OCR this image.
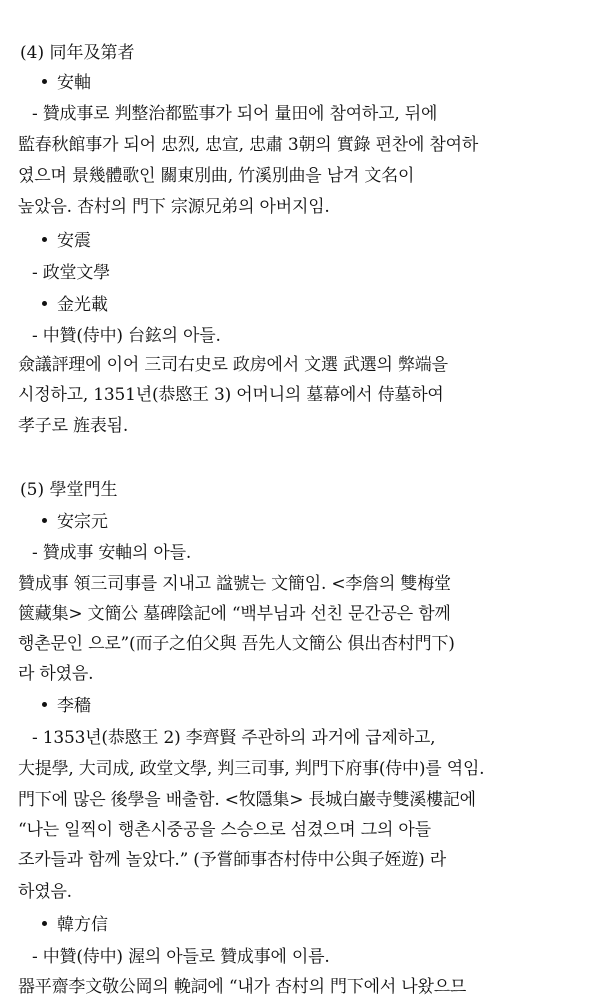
(4) 同年及第者
安軸
- 贊成事로 判整治都監事가 되어 量田에 참여하고, 뒤에
監春秋館事가 되어 忠烈, 忠宣, 忠肅 3朝의 實錄 편찬에 참여하
였으며 景幾體歌인 關東別曲, 竹溪別曲을 남겨 文名이
높았음. 杏村의 門下 宗源兄弟의 아버지임.
安震
- 政堂文學
金光載
- 中贊(侍中) 台鉉의 아들.
僉議評理에 이어 三司右史로 政房에서 文選 武選의 弊端을
시정하고, 1351년(恭愍王 3) 어머니의 墓幕에서 侍墓하여
孝子로 旌表됨.
(5) 學堂門生
安宗元
- 贊成事 安軸의 아들.
贊成事 領三司事를 지내고 諡號는 文簡임. <李詹의 雙梅堂
篋藏集> 文簡公 墓碑陰記에 “백부님과 선친 문간공은 함께
행촌문인 으로”(而子之伯父與 吾先人文簡公 俱出杏村門下)
라 하였음.
李穡
- 1353년(恭愍王 2) 李齊賢 주관하의 과거에 급제하고,
大提學, 大司成, 政堂文學, 判三司事, 判門下府事(侍中)를 역임.
門下에 많은 後學을 배출함. <牧隱集> 長城白巖寺雙溪樓記에
“나는 일찍이 행촌시중공을 스승으로 섬겼으며 그의 아들
조카들과 함께 놀았다.” (予嘗師事杏村侍中公與子姪遊) 라
하였음.
韓方信
- 中贊(侍中) 渥의 아들로 贊成事에 이름.
器平齋李文敬公岡의 輓詞에 “내가 杏村의 門下에서 나왔으므
